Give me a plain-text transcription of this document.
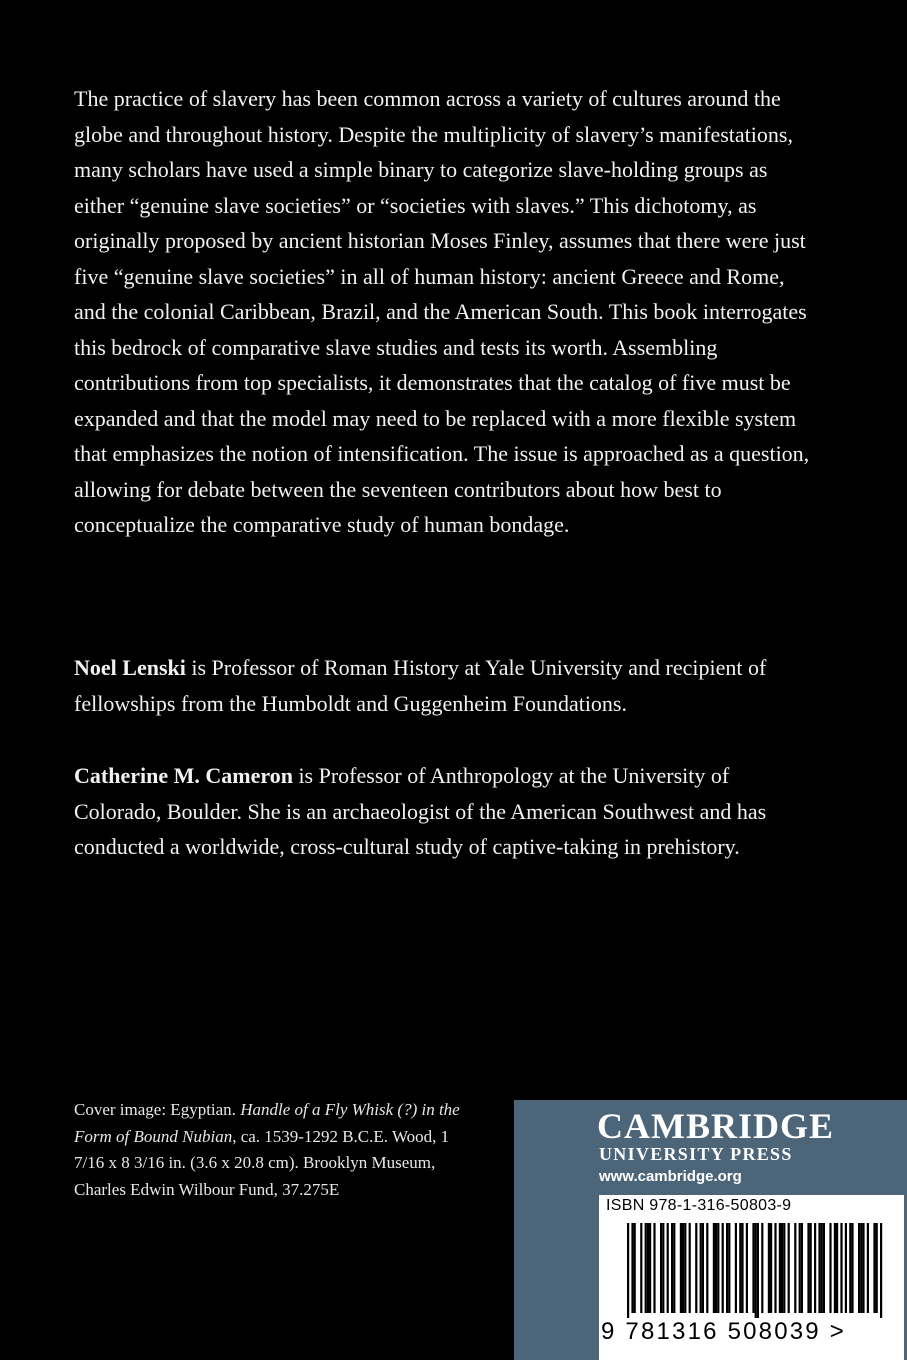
The practice of slavery has been common across a variety of cultures around the globe and throughout history. Despite the multiplicity of slavery’s manifestations, many scholars have used a simple binary to categorize slave-holding groups as either “genuine slave societies” or “societies with slaves.” This dichotomy, as originally proposed by ancient historian Moses Finley, assumes that there were just five “genuine slave societies” in all of human history: ancient Greece and Rome, and the colonial Caribbean, Brazil, and the American South. This book interrogates this bedrock of comparative slave studies and tests its worth. Assembling contributions from top specialists, it demonstrates that the catalog of five must be expanded and that the model may need to be replaced with a more flexible system that emphasizes the notion of intensification. The issue is approached as a question, allowing for debate between the seventeen contributors about how best to conceptualize the comparative study of human bondage.

Noel Lenski is Professor of Roman History at Yale University and recipient of fellowships from the Humboldt and Guggenheim Foundations.

Catherine M. Cameron is Professor of Anthropology at the University of Colorado, Boulder. She is an archaeologist of the American Southwest and has conducted a worldwide, cross-cultural study of captive-taking in prehistory.

Cover image: Egyptian. Handle of a Fly Whisk (?) in the Form of Bound Nubian, ca. 1539-1292 B.C.E. Wood, 1 7/16 x 8 3/16 in. (3.6 x 20.8 cm). Brooklyn Museum, Charles Edwin Wilbour Fund, 37.275E

CAMBRIDGE
UNIVERSITY PRESS
www.cambridge.org
ISBN 978-1-316-50803-9
9 781316 508039 >
